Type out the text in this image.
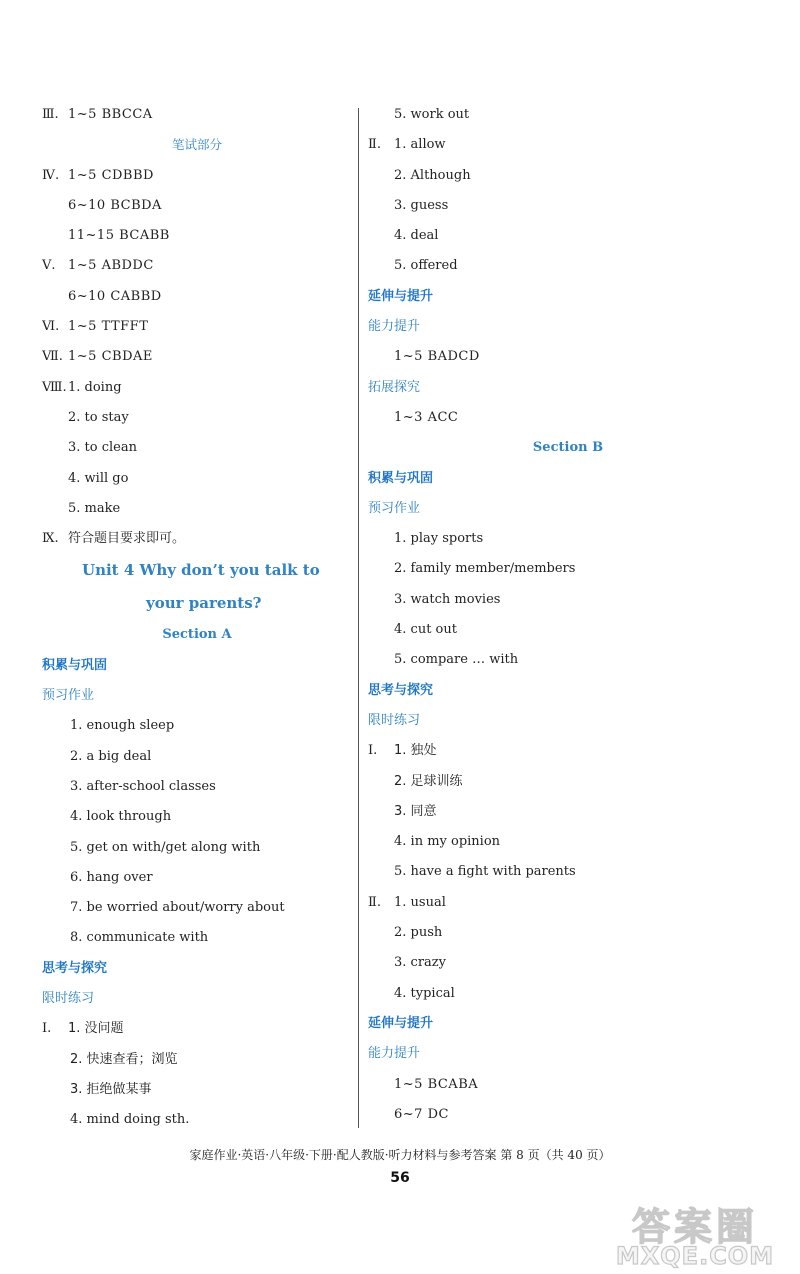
Ⅲ. 1~5 BBCCA
笔试部分
Ⅳ. 1~5 CDBBD
6~10 BCBDA
11~15 BCABB
Ⅴ. 1~5 ABDDC
6~10 CABBD
Ⅵ. 1~5 TTFFT
Ⅶ. 1~5 CBDAE
Ⅷ.1. doing
2. to stay
3. to clean
4. will go
5. make
Ⅸ. 符合题目要求即可。
Unit 4 Why don’t you talk to
your parents?
Section A
积累与巩固
预习作业
1. enough sleep
2. a big deal
3. after-school classes
4. look through
5. get on with/get along with
6. hang over
7. be worried about/worry about
8. communicate with
思考与探究
限时练习
Ⅰ. 1. 没问题
2. 快速查看；浏览
3. 拒绝做某事
4. mind doing sth.
5. work out
Ⅱ. 1. allow
2. Although
3. guess
4. deal
5. offered
延伸与提升
能力提升
1~5 BADCD
拓展探究
1~3 ACC
Section B
积累与巩固
预习作业
1. play sports
2. family member/members
3. watch movies
4. cut out
5. compare … with
思考与探究
限时练习
Ⅰ. 1. 独处
2. 足球训练
3. 同意
4. in my opinion
5. have a fight with parents
Ⅱ. 1. usual
2. push
3. crazy
4. typical
延伸与提升
能力提升
1~5 BCABA
6~7 DC
家庭作业·英语·八年级·下册·配人教版·听力材料与参考答案 第 8 页（共 40 页）
56
答案圈
MXQE.COM
